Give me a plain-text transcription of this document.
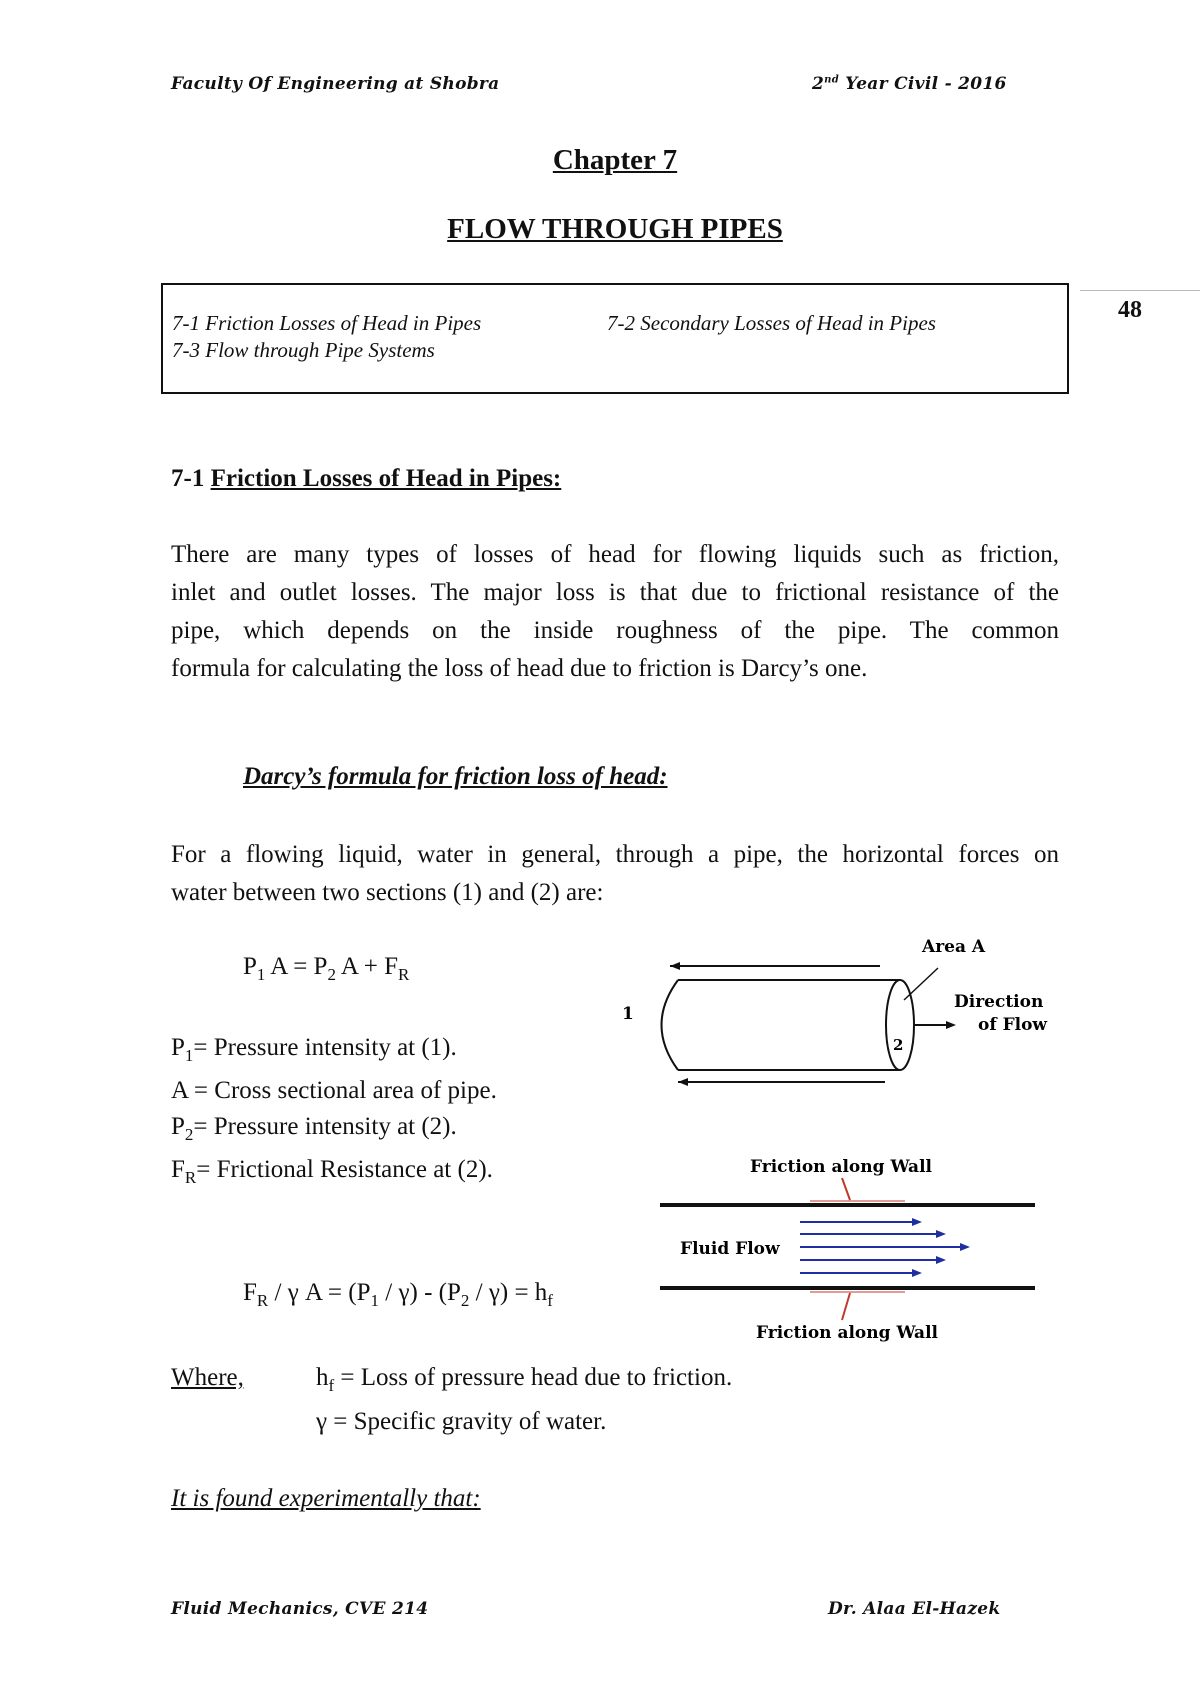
Faculty Of Engineering at Shobra	2nd Year Civil - 2016
Chapter 7
FLOW THROUGH PIPES
48
7-1 Friction Losses of Head in Pipes	7-2 Secondary Losses of Head in Pipes
7-3 Flow through Pipe Systems
7-1 Friction Losses of Head in Pipes:
There are many types of losses of head for flowing liquids such as friction,
inlet and outlet losses. The major loss is that due to frictional resistance of the
pipe, which depends on the inside roughness of the pipe. The common
formula for calculating the loss of head due to friction is Darcy’s one.
Darcy’s formula for friction loss of head:
For a flowing liquid, water in general, through a pipe, the horizontal forces on
water between two sections (1) and (2) are:
$P_1$ $A = P_2$ $A + F_R$
$P_1=$ Pressure intensity at (1).
A = Cross sectional area of pipe.
$P_2=$ Pressure intensity at (2).
$F_R=$ Frictional Resistance at (2).
$F_R$ / γ $A = (P_1 / \gamma) - (P_2 / \gamma) = h_f$
Where,	$h_f$ = Loss of pressure head due to friction.
γ = Specific gravity of water.
It is found experimentally that:
Area A
Direction
of Flow
1
2
Friction along Wall
Fluid Flow
Friction along Wall
Fluid Mechanics, CVE 214	Dr. Alaa El-Hazek
